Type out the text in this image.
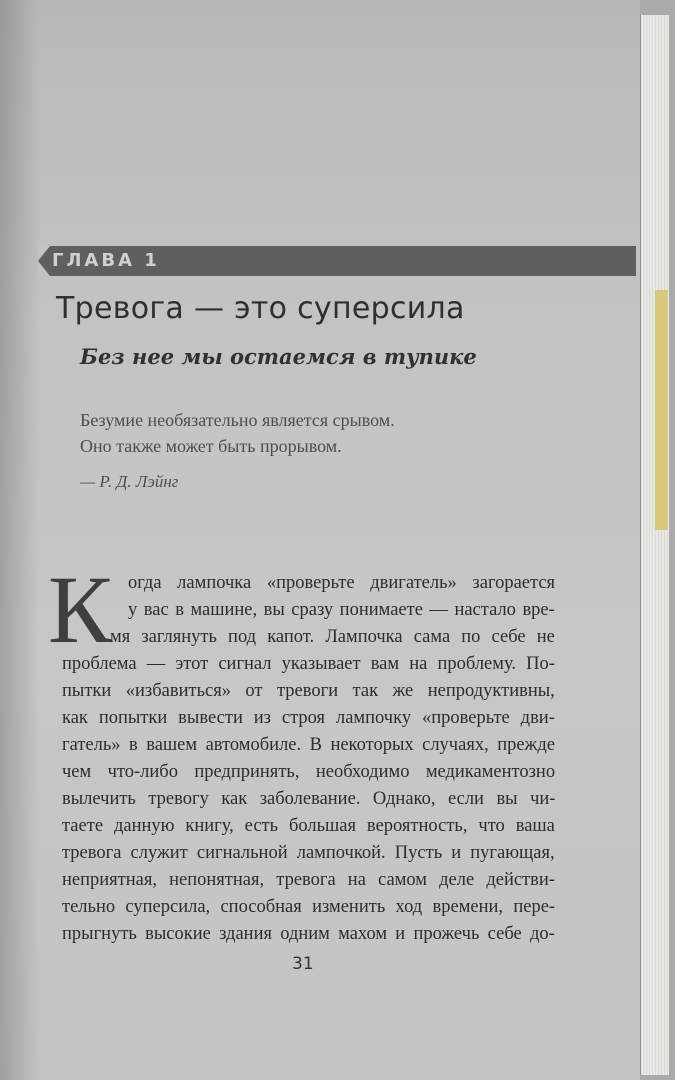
ГЛАВА 1
Тревога — это суперсила
Без нее мы остаемся в тупике
Безумие необязательно является срывом.
Оно также может быть прорывом.
— Р. Д. Лэйнг
К огда лампочка «проверьте двигатель» загорается
у вас в машине, вы сразу понимаете — настало вре-
мя заглянуть под капот. Лампочка сама по себе не
проблема — этот сигнал указывает вам на проблему. По-
пытки «избавиться» от тревоги так же непродуктивны,
как попытки вывести из строя лампочку «проверьте дви-
гатель» в вашем автомобиле. В некоторых случаях, прежде
чем что-либо предпринять, необходимо медикаментозно
вылечить тревогу как заболевание. Однако, если вы чи-
таете данную книгу, есть большая вероятность, что ваша
тревога служит сигнальной лампочкой. Пусть и пугающая,
неприятная, непонятная, тревога на самом деле действи-
тельно суперсила, способная изменить ход времени, пере-
прыгнуть высокие здания одним махом и прожечь себе до-
31
